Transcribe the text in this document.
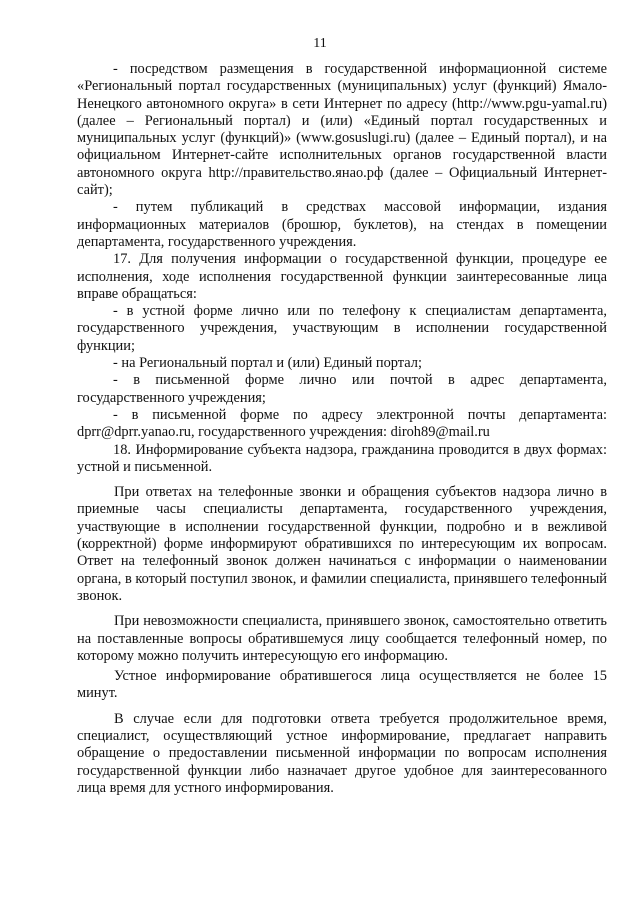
11

- посредством размещения в государственной информационной системе «Региональный портал государственных (муниципальных) услуг (функций) Ямало-Ненецкого автономного округа» в сети Интернет по адресу (http://www.pgu-yamal.ru) (далее – Региональный портал) и (или) «Единый портал государственных и муниципальных услуг (функций)» (www.gosuslugi.ru) (далее – Единый портал), и на официальном Интернет-сайте исполнительных органов государственной власти автономного округа http://правительство.янао.рф (далее – Официальный Интернет-сайт);

- путем публикаций в средствах массовой информации, издания информационных материалов (брошюр, буклетов), на стендах в помещении департамента, государственного учреждения.

17. Для получения информации о государственной функции, процедуре ее исполнения, ходе исполнения государственной функции заинтересованные лица вправе обращаться:

- в устной форме лично или по телефону к специалистам департамента, государственного учреждения, участвующим в исполнении государственной функции;

- на Региональный портал и (или) Единый портал;

- в письменной форме лично или почтой в адрес департамента, государственного учреждения;

- в письменной форме по адресу электронной почты департамента: dprr@dprr.yanao.ru, государственного учреждения: diroh89@mail.ru

18. Информирование субъекта надзора, гражданина проводится в двух формах: устной и письменной.

При ответах на телефонные звонки и обращения субъектов надзора лично в приемные часы специалисты департамента, государственного учреждения, участвующие в исполнении государственной функции, подробно и в вежливой (корректной) форме информируют обратившихся по интересующим их вопросам. Ответ на телефонный звонок должен начинаться с информации о наименовании органа, в который поступил звонок, и фамилии специалиста, принявшего телефонный звонок.

При невозможности специалиста, принявшего звонок, самостоятельно ответить на поставленные вопросы обратившемуся лицу сообщается телефонный номер, по которому можно получить интересующую его информацию.

Устное информирование обратившегося лица осуществляется не более 15 минут.

В случае если для подготовки ответа требуется продолжительное время, специалист, осуществляющий устное информирование, предлагает направить обращение о предоставлении письменной информации по вопросам исполнения государственной функции либо назначает другое удобное для заинтересованного лица время для устного информирования.
